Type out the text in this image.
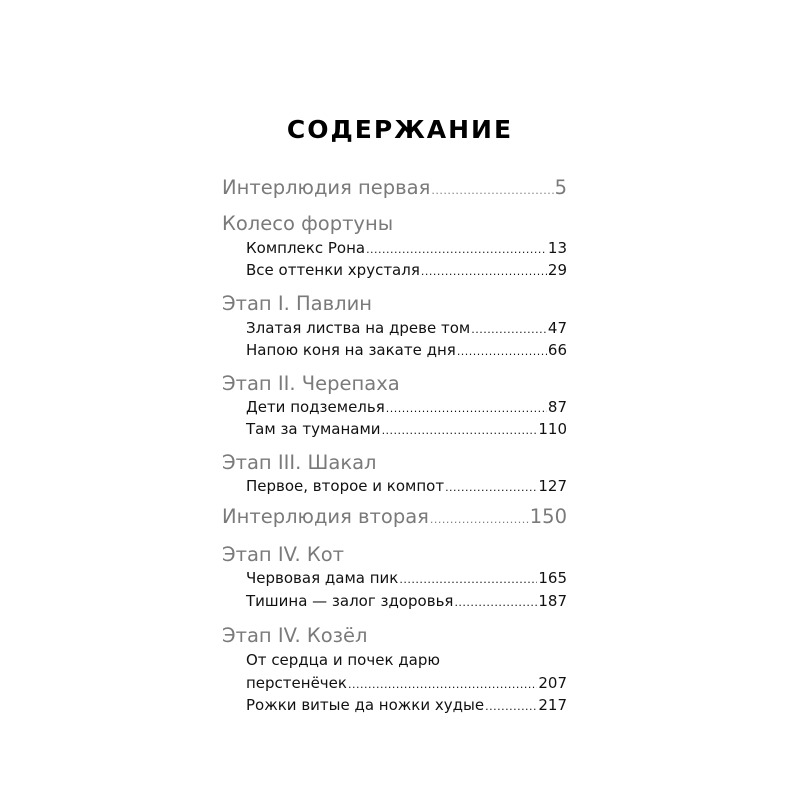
СОДЕРЖАНИЕ
Интерлюдия первая .....	5
Колесо фортуны
Комплекс Рона .....	13
Все оттенки хрусталя .....	29
Этап I. Павлин
Златая листва на древе том .....	47
Напою коня на закате дня .....	66
Этап II. Черепаха
Дети подземелья .....	87
Там за туманами .....	110
Этап III. Шакал
Первое, второе и компот .....	127
Интерлюдия вторая .....	150
Этап IV. Кот
Червовая дама пик .....	165
Тишина — залог здоровья .....	187
Этап IV. Козёл
От сердца и почек дарю
перстенёчек .....	207
Рожки витые да ножки худые .....	217
